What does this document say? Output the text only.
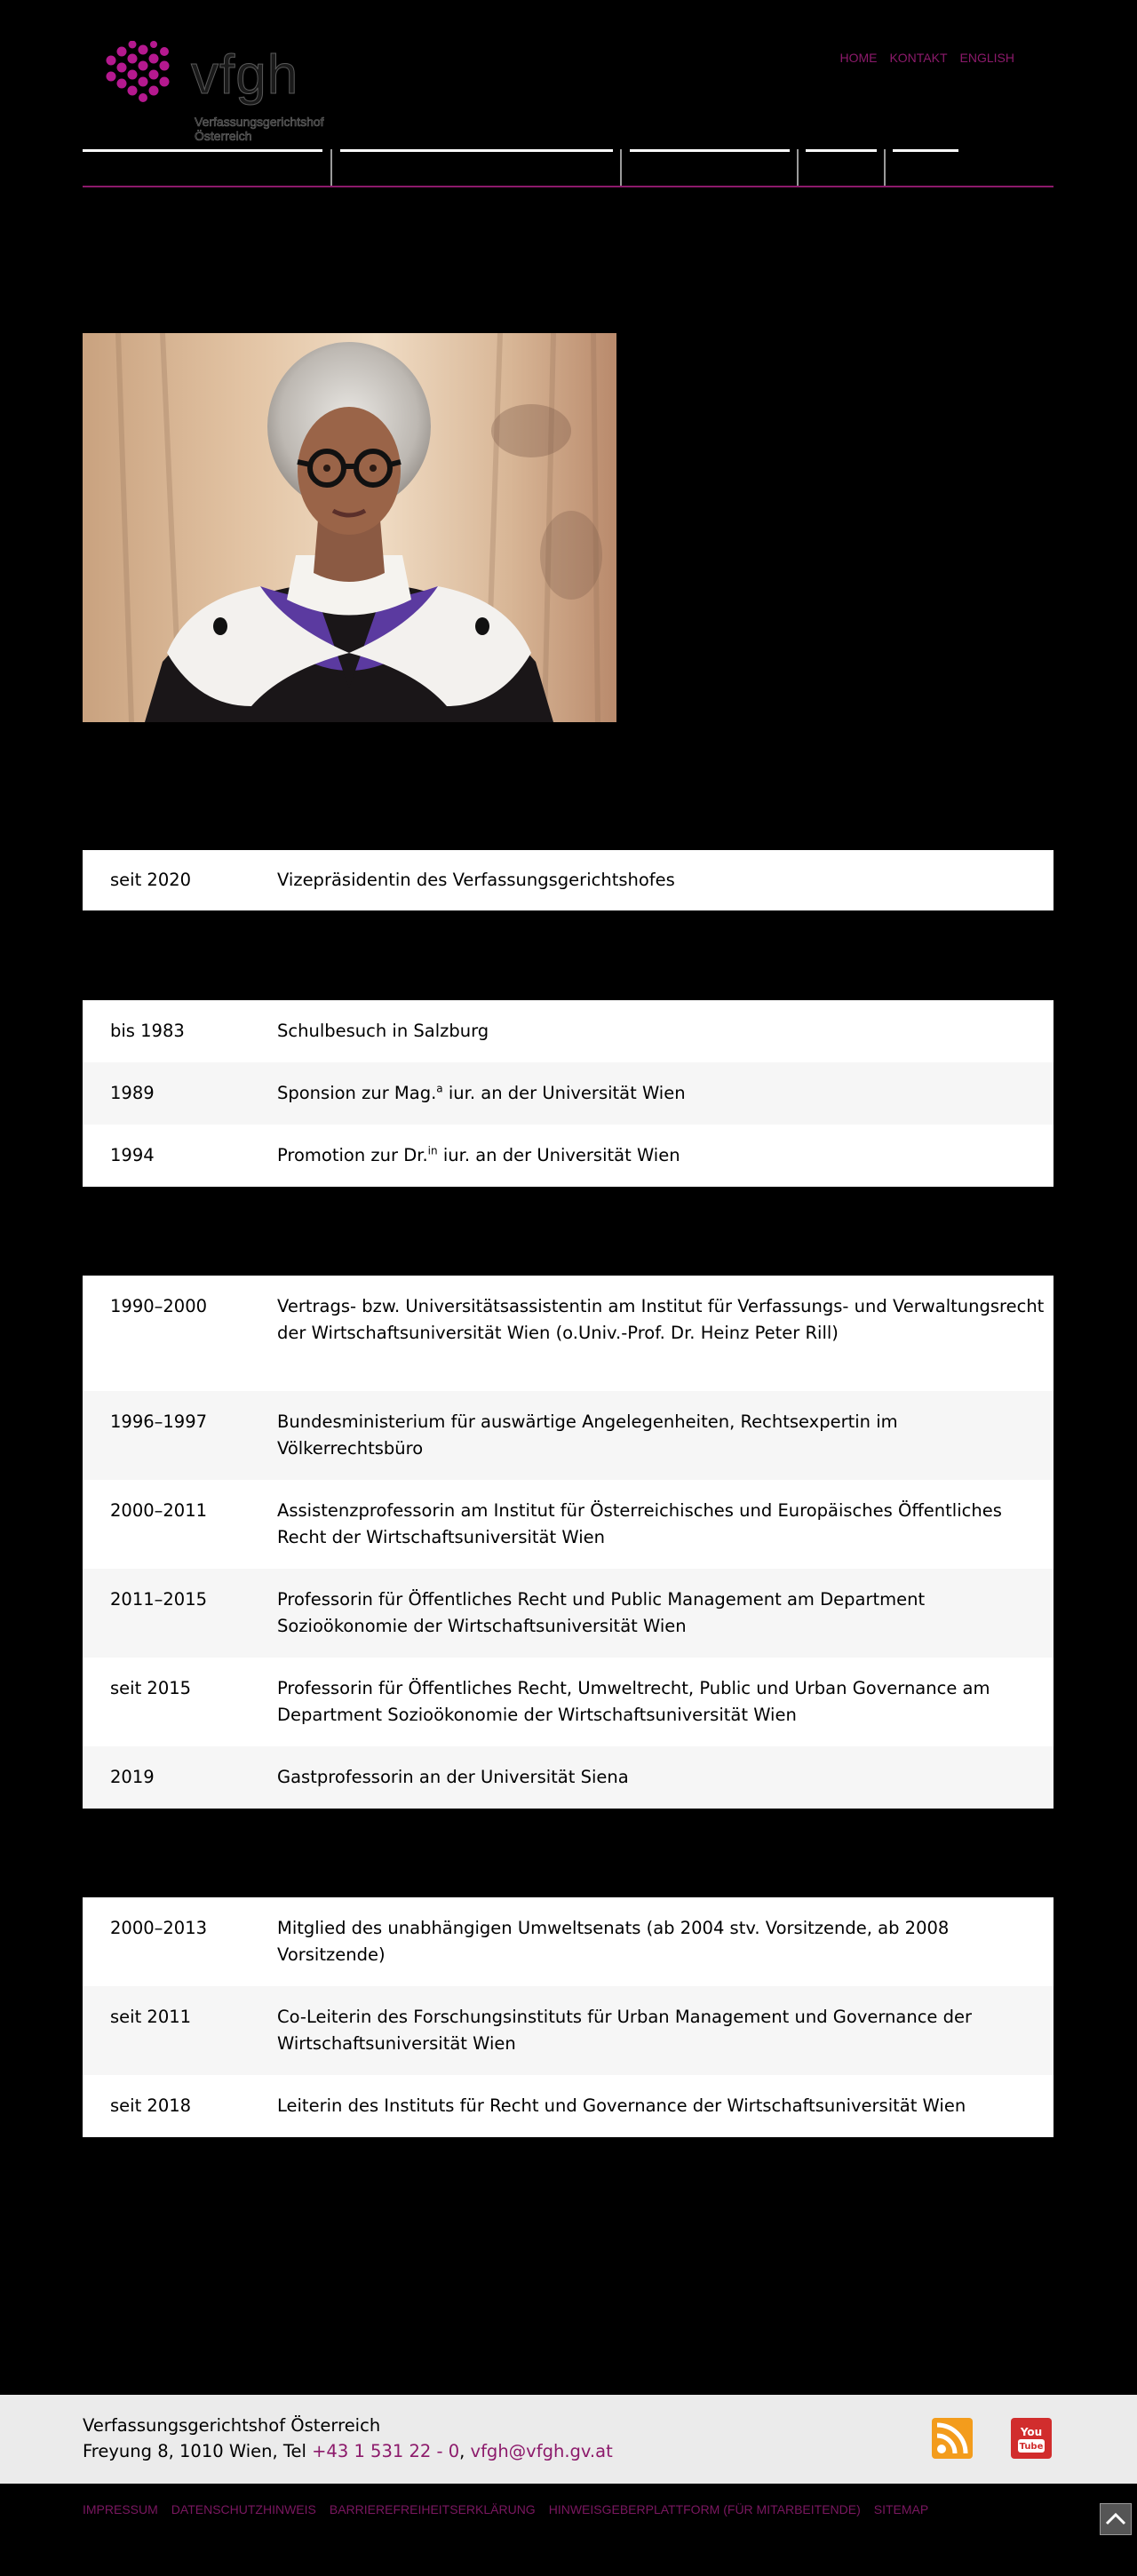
vfgh
Verfassungsgerichtshof
Österreich
HOME KONTAKT ENGLISH
seit 2020	Vizepräsidentin des Verfassungsgerichtshofes
bis 1983	Schulbesuch in Salzburg
1989	Sponsion zur Mag.$^a$ iur. an der Universität Wien
1994	Promotion zur Dr.$^{in}$ iur. an der Universität Wien
1990–2000	Vertrags- bzw. Universitätsassistentin am Institut für Verfassungs- und Verwaltungsrecht der Wirtschaftsuniversität Wien (o.Univ.-Prof. Dr. Heinz Peter Rill)
1996–1997	Bundesministerium für auswärtige Angelegenheiten, Rechtsexpertin im Völkerrechtsbüro
2000–2011	Assistenzprofessorin am Institut für Österreichisches und Europäisches Öffentliches Recht der Wirtschaftsuniversität Wien
2011–2015	Professorin für Öffentliches Recht und Public Management am Department Sozioökonomie der Wirtschaftsuniversität Wien
seit 2015	Professorin für Öffentliches Recht, Umweltrecht, Public und Urban Governance am Department Sozioökonomie der Wirtschaftsuniversität Wien
2019	Gastprofessorin an der Universität Siena
2000–2013	Mitglied des unabhängigen Umweltsenats (ab 2004 stv. Vorsitzende, ab 2008 Vorsitzende)
seit 2011	Co-Leiterin des Forschungsinstituts für Urban Management und Governance der Wirtschaftsuniversität Wien
seit 2018	Leiterin des Instituts für Recht und Governance der Wirtschaftsuniversität Wien
Verfassungsgerichtshof Österreich
Freyung 8, 1010 Wien, Tel +43 1 531 22 - 0, vfgh@vfgh.gv.at
You
Tube
IMPRESSUM DATENSCHUTZHINWEIS BARRIEREFREIHEITSERKLÄRUNG HINWEISGEBERPLATTFORM (FÜR MITARBEITENDE) SITEMAP
